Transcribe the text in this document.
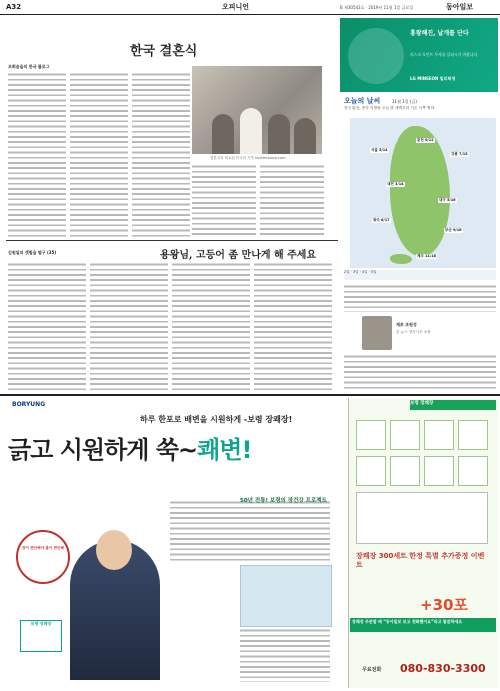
A32	오피니언	B 제30543호 · 2019년 11월 1일 금요일	동아일보
한국 결혼식
조회숨을의 한국 블로그
결혼식과 비교된 미국의 가족 shutterstock.com
김원일의 갯벌을 떨구 (35)	용왕님, 고등어 좀 만나게 해 주세요
홍왕해진, 날개를 단다
리스크 포인트 투자를 살피시기 바랍니다
LG MINSEON 밀리회생
오늘의 날씨	11월 1일 (금)
전국 맑음, 중부 지방을 오늘 밤 새벽부터 기온 서쪽 영하.
서울 5/14
춘천 0/12
강릉 7/15
대전 3/14
대구 5/16
광주 6/17
부산 9/18
제주 11/18
2일 · 3일 · 4일 · 5일
재초 조원성
본 뉴스 천지시초 소장
BORYUNG
하루 한포로 배변을 시원하게 ‑보령 장쾌장!
긁고 시원하게 쑥~쾌변!
장이 편안해야 몸이 편안해
보령 장쾌장
50년 전통! 보령의 장건강 프로젝트
보령 장쾌장
장쾌장 300세트 한정 특별 추가증정 이벤트
+30포
장쾌장 주문할 때 “동아일보 보고 전화했어요”라고 말씀하세요
무료전화 080-830-3300
